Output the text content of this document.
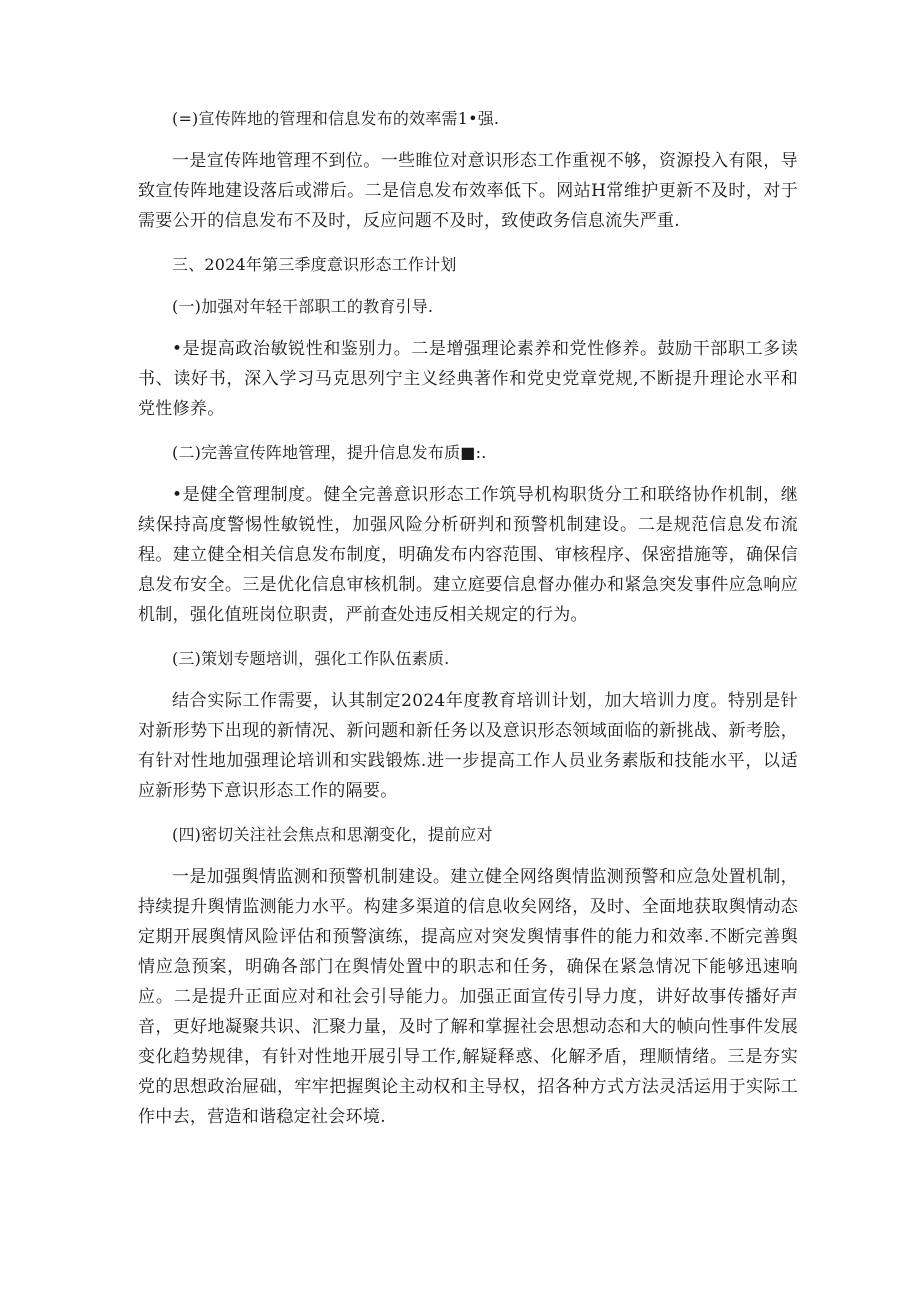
(=)宣传阵地的管理和信息发布的效率需1•强.

一是宣传阵地管理不到位。一些睢位对意识形态工作重视不够，资源投入有限，导致宣传阵地建设落后或滞后。二是信息发布效率低下。网站H常维护更新不及时，对于需要公开的信息发布不及时，反应问题不及时，致使政务信息流失严重.

三、2024年第三季度意识形态工作计划

(一)加强对年轻干部职工的教育引导.

•是提高政治敏锐性和鉴别力。二是增强理论素养和党性修养。鼓励干部职工多读书、读好书，深入学习马克思列宁主义经典著作和党史党章党规,不断提升理论水平和党性修养。

(二)完善宣传阵地管理，提升信息发布质■:.

•是健全管理制度。健全完善意识形态工作筑导机构职货分工和联络协作机制，继续保持高度警惕性敏锐性，加强风险分析研判和预警机制建设。二是规范信息发布流程。建立健全相关信息发布制度，明确发布内容范围、审核程序、保密措施等，确保信息发布安全。三是优化信息审核机制。建立庭要信息督办催办和紧急突发事件应急响应机制，强化值班岗位职责，严前查处违反相关规定的行为。

(三)策划专题培训，强化工作队伍素质.

结合实际工作需要，认其制定2024年度教育培训计划，加大培训力度。特别是针对新形势下出现的新情况、新问题和新任务以及意识形态领域面临的新挑战、新考脍，有针对性地加强理论培训和实践锻炼.进一步提高工作人员业务素版和技能水平，以适应新形势下意识形态工作的隔要。

(四)密切关注社会焦点和思潮变化，提前应对

一是加强舆情监测和预警机制建设。建立健全网络舆情监测预警和应急处置机制，持续提升舆情监测能力水平。构建多渠道的信息收矣网络，及时、全面地获取舆情动态定期开展舆情风险评估和预警演练，提高应对突发舆情事件的能力和效率.不断完善舆情应急预案，明确各部门在舆情处置中的职志和任务，确保在紧急情况下能够迅速响应。二是提升正面应对和社会引导能力。加强正面宣传引导力度，讲好故事传播好声音，更好地凝聚共识、汇聚力量，及时了解和掌握社会思想动态和大的帧向性事件发展变化趋势规律，有针对性地开展引导工作,解疑释惑、化解矛盾，理顺情绪。三是夯实党的思想政治屉础，牢牢把握舆论主动权和主导权，招各种方式方法灵活运用于实际工作中去，营造和谐稳定社会环境.
